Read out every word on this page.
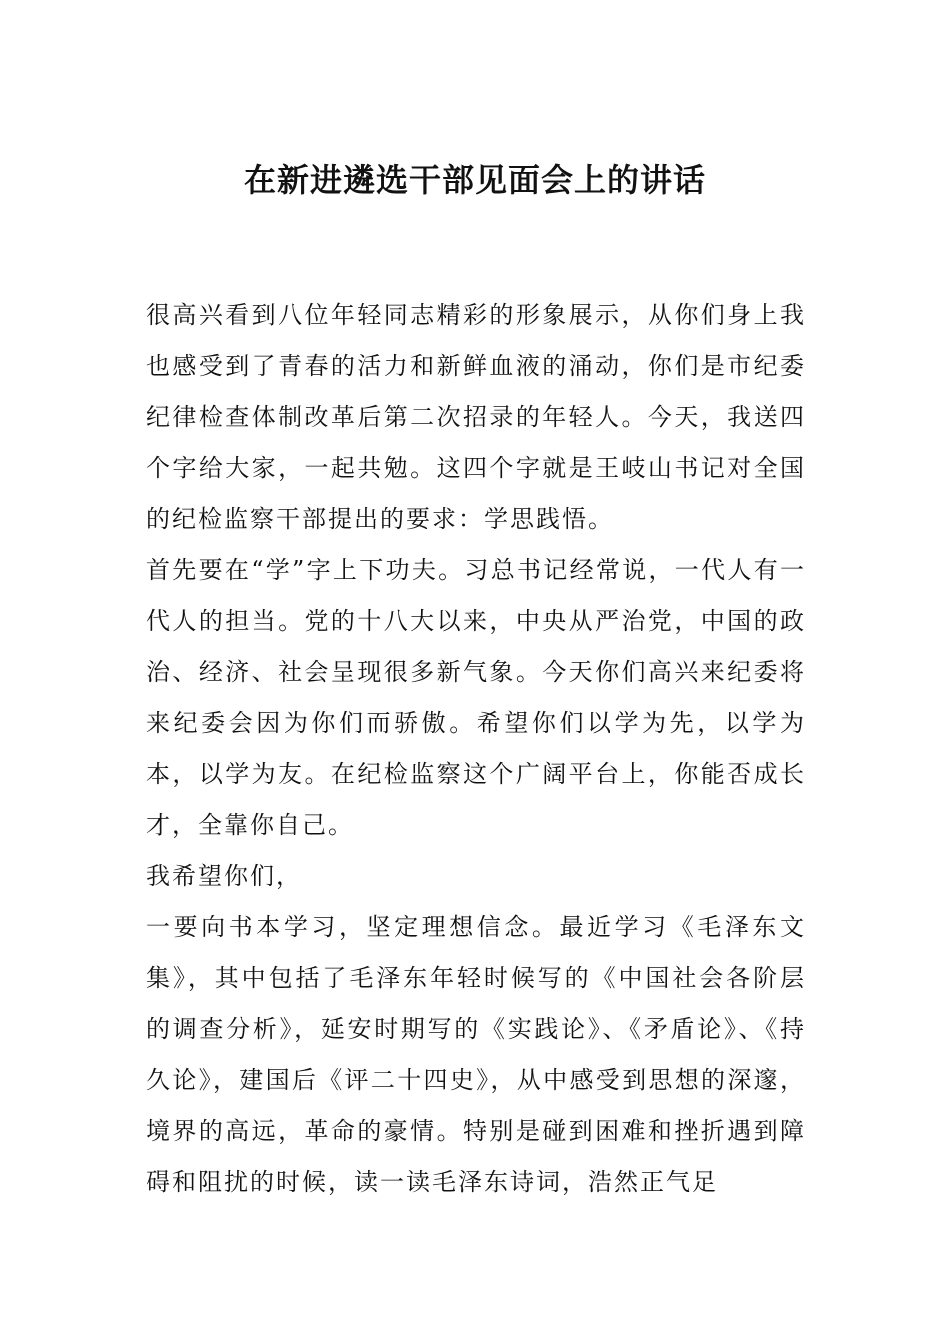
在新进遴选干部见面会上的讲话

很高兴看到八位年轻同志精彩的形象展示，从你们身上我也感受到了青春的活力和新鲜血液的涌动，你们是市纪委纪律检查体制改革后第二次招录的年轻人。今天，我送四个字给大家，一起共勉。这四个字就是王岐山书记对全国的纪检监察干部提出的要求：学思践悟。

首先要在“学”字上下功夫。习总书记经常说，一代人有一代人的担当。党的十八大以来，中央从严治党，中国的政治、经济、社会呈现很多新气象。今天你们高兴来纪委将来纪委会因为你们而骄傲。希望你们以学为先，以学为本，以学为友。在纪检监察这个广阔平台上，你能否成长才，全靠你自己。

我希望你们，

一要向书本学习，坚定理想信念。最近学习《毛泽东文集》，其中包括了毛泽东年轻时候写的《中国社会各阶层的调查分析》，延安时期写的《实践论》、《矛盾论》、《持久论》，建国后《评二十四史》，从中感受到思想的深邃，境界的高远，革命的豪情。特别是碰到困难和挫折遇到障碍和阻扰的时候，读一读毛泽东诗词，浩然正气足
